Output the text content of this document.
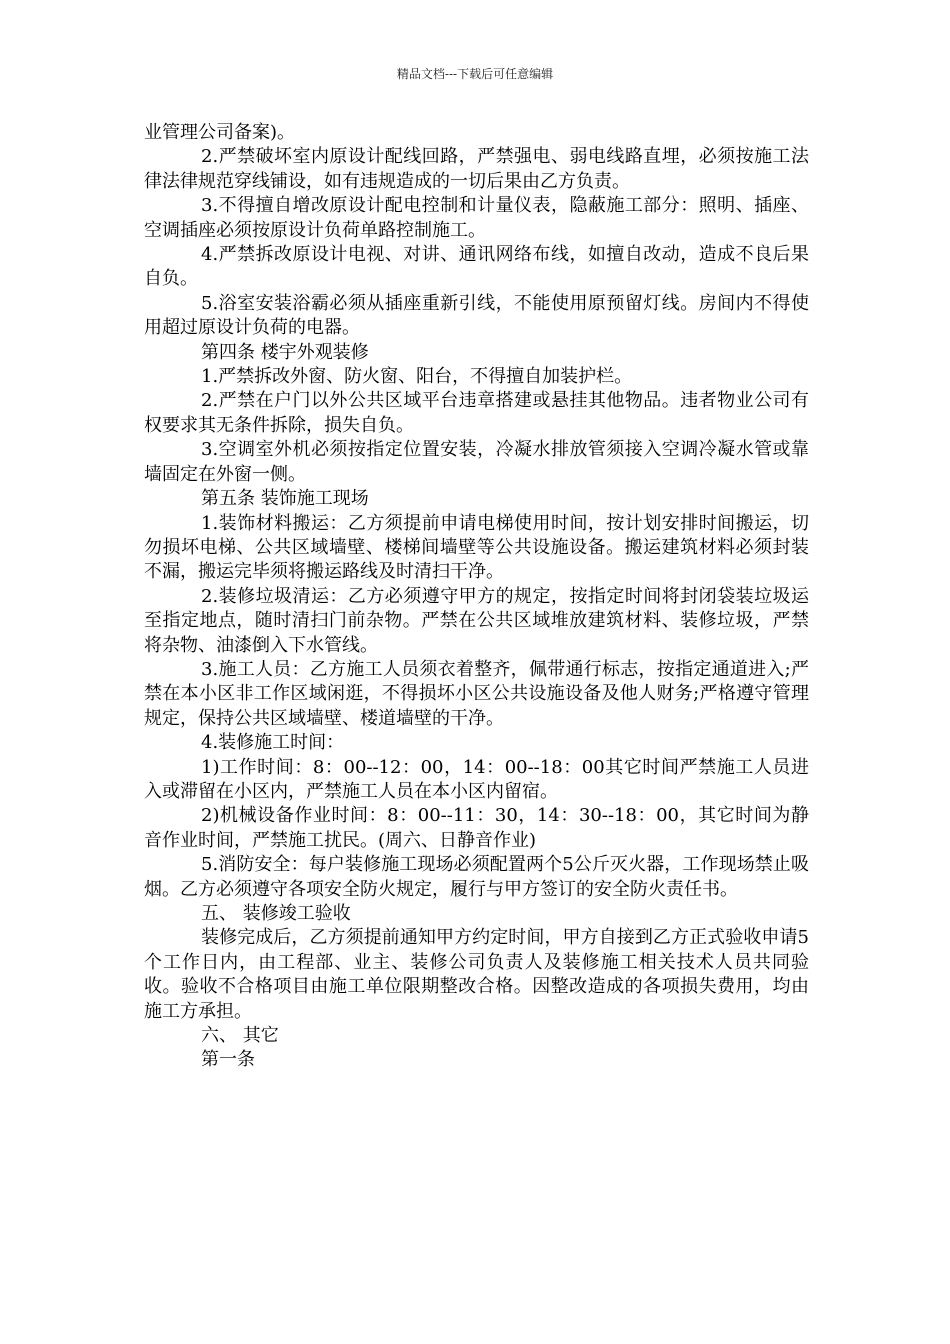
精品文档---下载后可任意编辑

业管理公司备案)。

2.严禁破坏室内原设计配线回路，严禁强电、弱电线路直埋，必须按施工法律法律规范穿线铺设，如有违规造成的一切后果由乙方负责。

3.不得擅自增改原设计配电控制和计量仪表，隐蔽施工部分：照明、插座、空调插座必须按原设计负荷单路控制施工。

4.严禁拆改原设计电视、对讲、通讯网络布线，如擅自改动，造成不良后果自负。

5.浴室安装浴霸必须从插座重新引线，不能使用原预留灯线。房间内不得使用超过原设计负荷的电器。

第四条 楼宇外观装修

1.严禁拆改外窗、防火窗、阳台，不得擅自加装护栏。

2.严禁在户门以外公共区域平台违章搭建或悬挂其他物品。违者物业公司有权要求其无条件拆除，损失自负。

3.空调室外机必须按指定位置安装，冷凝水排放管须接入空调冷凝水管或靠墙固定在外窗一侧。

第五条 装饰施工现场

1.装饰材料搬运：乙方须提前申请电梯使用时间，按计划安排时间搬运，切勿损坏电梯、公共区域墙壁、楼梯间墙壁等公共设施设备。搬运建筑材料必须封装不漏，搬运完毕须将搬运路线及时清扫干净。

2.装修垃圾清运：乙方必须遵守甲方的规定，按指定时间将封闭袋装垃圾运至指定地点，随时清扫门前杂物。严禁在公共区域堆放建筑材料、装修垃圾，严禁将杂物、油漆倒入下水管线。

3.施工人员：乙方施工人员须衣着整齐，佩带通行标志，按指定通道进入;严禁在本小区非工作区域闲逛，不得损坏小区公共设施设备及他人财务;严格遵守管理规定，保持公共区域墙壁、楼道墙壁的干净。

4.装修施工时间：

1)工作时间：8：00--12：00，14：00--18：00其它时间严禁施工人员进入或滞留在小区内，严禁施工人员在本小区内留宿。

2)机械设备作业时间：8：00--11：30，14：30--18：00，其它时间为静音作业时间，严禁施工扰民。(周六、日静音作业)

5.消防安全：每户装修施工现场必须配置两个5公斤灭火器，工作现场禁止吸烟。乙方必须遵守各项安全防火规定，履行与甲方签订的安全防火责任书。

五、 装修竣工验收

装修完成后，乙方须提前通知甲方约定时间，甲方自接到乙方正式验收申请5个工作日内，由工程部、业主、装修公司负责人及装修施工相关技术人员共同验收。验收不合格项目由施工单位限期整改合格。因整改造成的各项损失费用，均由施工方承担。

六、 其它

第一条
